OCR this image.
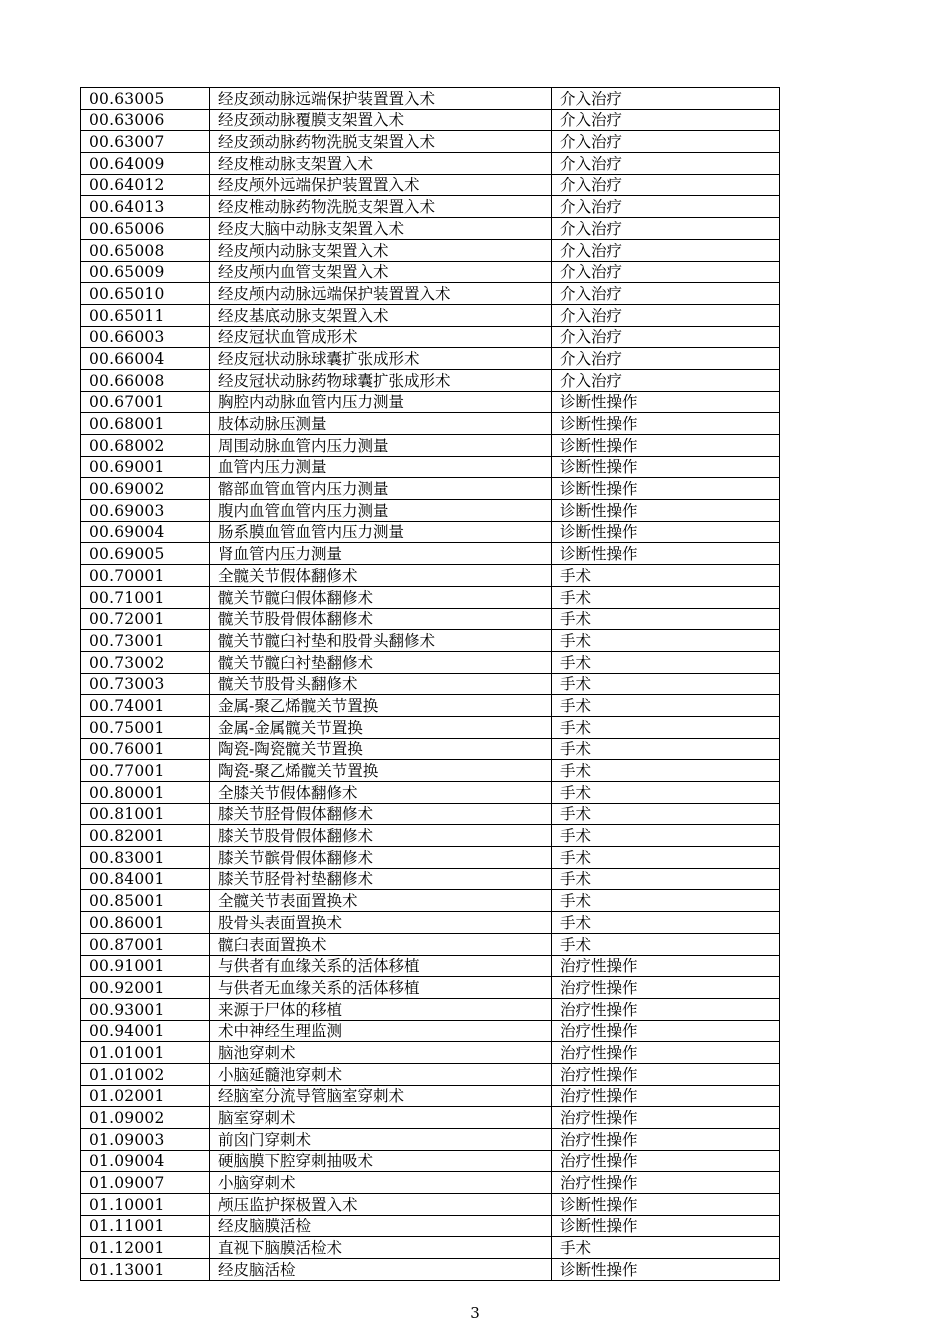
00.63005	经皮颈动脉远端保护装置置入术	介入治疗
00.63006	经皮颈动脉覆膜支架置入术	介入治疗
00.63007	经皮颈动脉药物洗脱支架置入术	介入治疗
00.64009	经皮椎动脉支架置入术	介入治疗
00.64012	经皮颅外远端保护装置置入术	介入治疗
00.64013	经皮椎动脉药物洗脱支架置入术	介入治疗
00.65006	经皮大脑中动脉支架置入术	介入治疗
00.65008	经皮颅内动脉支架置入术	介入治疗
00.65009	经皮颅内血管支架置入术	介入治疗
00.65010	经皮颅内动脉远端保护装置置入术	介入治疗
00.65011	经皮基底动脉支架置入术	介入治疗
00.66003	经皮冠状血管成形术	介入治疗
00.66004	经皮冠状动脉球囊扩张成形术	介入治疗
00.66008	经皮冠状动脉药物球囊扩张成形术	介入治疗
00.67001	胸腔内动脉血管内压力测量	诊断性操作
00.68001	肢体动脉压测量	诊断性操作
00.68002	周围动脉血管内压力测量	诊断性操作
00.69001	血管内压力测量	诊断性操作
00.69002	髂部血管血管内压力测量	诊断性操作
00.69003	腹内血管血管内压力测量	诊断性操作
00.69004	肠系膜血管血管内压力测量	诊断性操作
00.69005	肾血管内压力测量	诊断性操作
00.70001	全髋关节假体翻修术	手术
00.71001	髋关节髋臼假体翻修术	手术
00.72001	髋关节股骨假体翻修术	手术
00.73001	髋关节髋臼衬垫和股骨头翻修术	手术
00.73002	髋关节髋臼衬垫翻修术	手术
00.73003	髋关节股骨头翻修术	手术
00.74001	金属-聚乙烯髋关节置换	手术
00.75001	金属-金属髋关节置换	手术
00.76001	陶瓷-陶瓷髋关节置换	手术
00.77001	陶瓷-聚乙烯髋关节置换	手术
00.80001	全膝关节假体翻修术	手术
00.81001	膝关节胫骨假体翻修术	手术
00.82001	膝关节股骨假体翻修术	手术
00.83001	膝关节髌骨假体翻修术	手术
00.84001	膝关节胫骨衬垫翻修术	手术
00.85001	全髋关节表面置换术	手术
00.86001	股骨头表面置换术	手术
00.87001	髋臼表面置换术	手术
00.91001	与供者有血缘关系的活体移植	治疗性操作
00.92001	与供者无血缘关系的活体移植	治疗性操作
00.93001	来源于尸体的移植	治疗性操作
00.94001	术中神经生理监测	治疗性操作
01.01001	脑池穿刺术	治疗性操作
01.01002	小脑延髓池穿刺术	治疗性操作
01.02001	经脑室分流导管脑室穿刺术	治疗性操作
01.09002	脑室穿刺术	治疗性操作
01.09003	前囟门穿刺术	治疗性操作
01.09004	硬脑膜下腔穿刺抽吸术	治疗性操作
01.09007	小脑穿刺术	治疗性操作
01.10001	颅压监护探极置入术	诊断性操作
01.11001	经皮脑膜活检	诊断性操作
01.12001	直视下脑膜活检术	手术
01.13001	经皮脑活检	诊断性操作
3
